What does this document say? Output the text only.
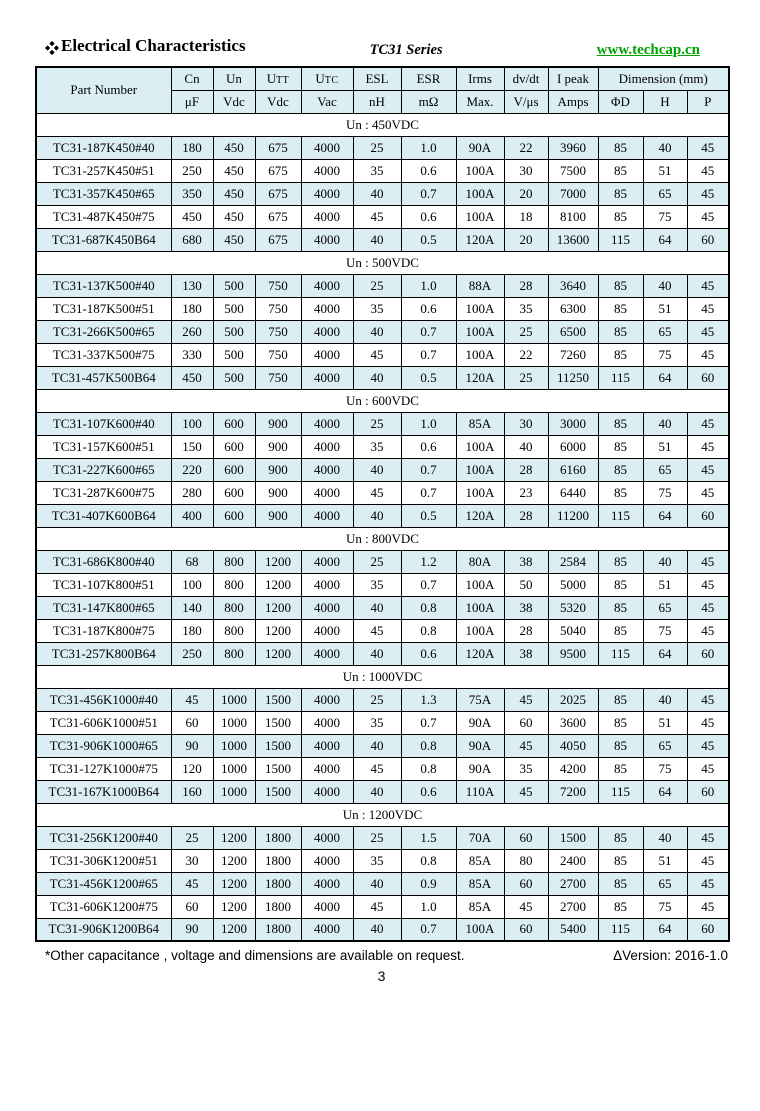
Electrical Characteristics	TC31 Series	www.techcap.cn
Part Number	Cn	Un	UTT	UTC	ESL	ESR	Irms	dv/dt	I peak	Dimension (mm)		
	μF	Vdc	Vdc	Vac	nH	mΩ	Max.	V/μs	Amps	ΦD	H	P
Un : 450VDC												
TC31-187K450#40	180	450	675	4000	25	1.0	90A	22	3960	85	40	45
TC31-257K450#51	250	450	675	4000	35	0.6	100A	30	7500	85	51	45
TC31-357K450#65	350	450	675	4000	40	0.7	100A	20	7000	85	65	45
TC31-487K450#75	450	450	675	4000	45	0.6	100A	18	8100	85	75	45
TC31-687K450B64	680	450	675	4000	40	0.5	120A	20	13600	115	64	60
Un : 500VDC												
TC31-137K500#40	130	500	750	4000	25	1.0	88A	28	3640	85	40	45
TC31-187K500#51	180	500	750	4000	35	0.6	100A	35	6300	85	51	45
TC31-266K500#65	260	500	750	4000	40	0.7	100A	25	6500	85	65	45
TC31-337K500#75	330	500	750	4000	45	0.7	100A	22	7260	85	75	45
TC31-457K500B64	450	500	750	4000	40	0.5	120A	25	11250	115	64	60
Un : 600VDC												
TC31-107K600#40	100	600	900	4000	25	1.0	85A	30	3000	85	40	45
TC31-157K600#51	150	600	900	4000	35	0.6	100A	40	6000	85	51	45
TC31-227K600#65	220	600	900	4000	40	0.7	100A	28	6160	85	65	45
TC31-287K600#75	280	600	900	4000	45	0.7	100A	23	6440	85	75	45
TC31-407K600B64	400	600	900	4000	40	0.5	120A	28	11200	115	64	60
Un : 800VDC												
TC31-686K800#40	68	800	1200	4000	25	1.2	80A	38	2584	85	40	45
TC31-107K800#51	100	800	1200	4000	35	0.7	100A	50	5000	85	51	45
TC31-147K800#65	140	800	1200	4000	40	0.8	100A	38	5320	85	65	45
TC31-187K800#75	180	800	1200	4000	45	0.8	100A	28	5040	85	75	45
TC31-257K800B64	250	800	1200	4000	40	0.6	120A	38	9500	115	64	60
Un : 1000VDC												
TC31-456K1000#40	45	1000	1500	4000	25	1.3	75A	45	2025	85	40	45
TC31-606K1000#51	60	1000	1500	4000	35	0.7	90A	60	3600	85	51	45
TC31-906K1000#65	90	1000	1500	4000	40	0.8	90A	45	4050	85	65	45
TC31-127K1000#75	120	1000	1500	4000	45	0.8	90A	35	4200	85	75	45
TC31-167K1000B64	160	1000	1500	4000	40	0.6	110A	45	7200	115	64	60
Un : 1200VDC												
TC31-256K1200#40	25	1200	1800	4000	25	1.5	70A	60	1500	85	40	45
TC31-306K1200#51	30	1200	1800	4000	35	0.8	85A	80	2400	85	51	45
TC31-456K1200#65	45	1200	1800	4000	40	0.9	85A	60	2700	85	65	45
TC31-606K1200#75	60	1200	1800	4000	45	1.0	85A	45	2700	85	75	45
TC31-906K1200B64	90	1200	1800	4000	40	0.7	100A	60	5400	115	64	60
*Other capacitance , voltage and dimensions are available on request.	ΔVersion: 2016-1.0
3
